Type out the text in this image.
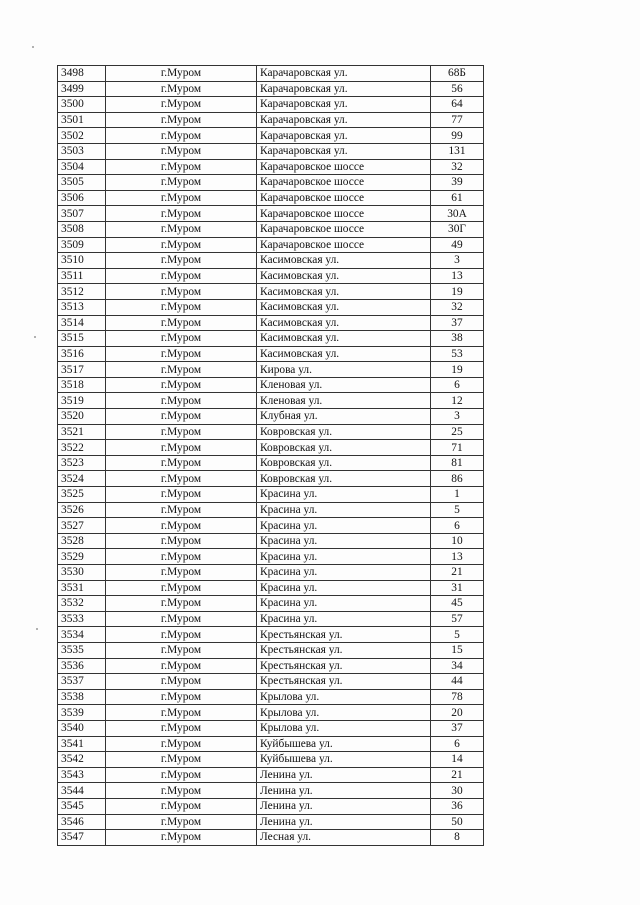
3498	г.Муром	Карачаровская ул.	68Б
3499	г.Муром	Карачаровская ул.	56
3500	г.Муром	Карачаровская ул.	64
3501	г.Муром	Карачаровская ул.	77
3502	г.Муром	Карачаровская ул.	99
3503	г.Муром	Карачаровская ул.	131
3504	г.Муром	Карачаровское шоссе	32
3505	г.Муром	Карачаровское шоссе	39
3506	г.Муром	Карачаровское шоссе	61
3507	г.Муром	Карачаровское шоссе	30А
3508	г.Муром	Карачаровское шоссе	30Г
3509	г.Муром	Карачаровское шоссе	49
3510	г.Муром	Касимовская ул.	3
3511	г.Муром	Касимовская ул.	13
3512	г.Муром	Касимовская ул.	19
3513	г.Муром	Касимовская ул.	32
3514	г.Муром	Касимовская ул.	37
3515	г.Муром	Касимовская ул.	38
3516	г.Муром	Касимовская ул.	53
3517	г.Муром	Кирова ул.	19
3518	г.Муром	Кленовая ул.	6
3519	г.Муром	Кленовая ул.	12
3520	г.Муром	Клубная ул.	3
3521	г.Муром	Ковровская ул.	25
3522	г.Муром	Ковровская ул.	71
3523	г.Муром	Ковровская ул.	81
3524	г.Муром	Ковровская ул.	86
3525	г.Муром	Красина ул.	1
3526	г.Муром	Красина ул.	5
3527	г.Муром	Красина ул.	6
3528	г.Муром	Красина ул.	10
3529	г.Муром	Красина ул.	13
3530	г.Муром	Красина ул.	21
3531	г.Муром	Красина ул.	31
3532	г.Муром	Красина ул.	45
3533	г.Муром	Красина ул.	57
3534	г.Муром	Крестьянская ул.	5
3535	г.Муром	Крестьянская ул.	15
3536	г.Муром	Крестьянская ул.	34
3537	г.Муром	Крестьянская ул.	44
3538	г.Муром	Крылова ул.	78
3539	г.Муром	Крылова ул.	20
3540	г.Муром	Крылова ул.	37
3541	г.Муром	Куйбышева ул.	6
3542	г.Муром	Куйбышева ул.	14
3543	г.Муром	Ленина ул.	21
3544	г.Муром	Ленина ул.	30
3545	г.Муром	Ленина ул.	36
3546	г.Муром	Ленина ул.	50
3547	г.Муром	Лесная ул.	8
